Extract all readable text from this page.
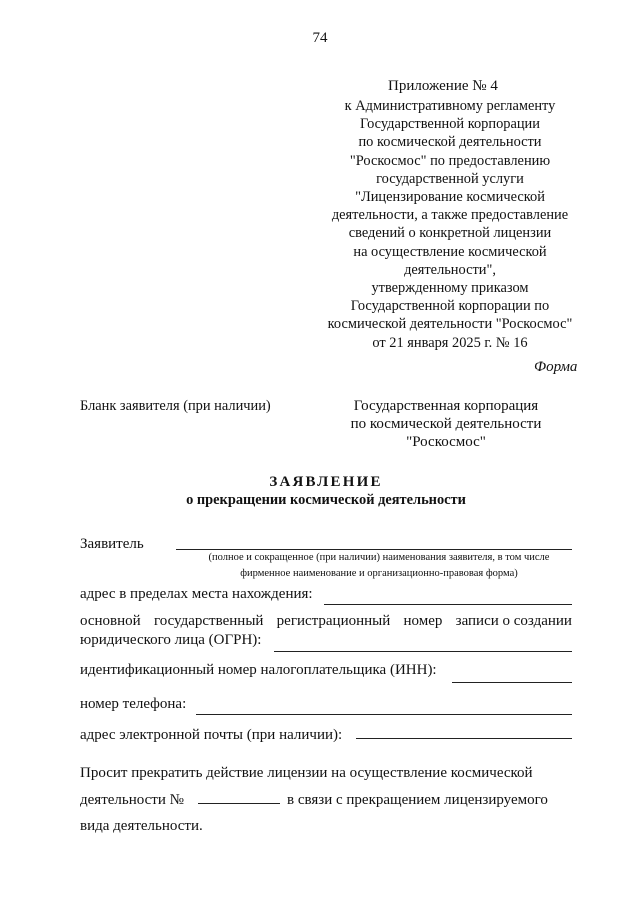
74
Приложение № 4
к Административному регламенту
Государственной корпорации
по космической деятельности
"Роскосмос" по предоставлению
государственной услуги
"Лицензирование космической
деятельности, а также предоставление
сведений о конкретной лицензии
на осуществление космической
деятельности",
утвержденному приказом
Государственной корпорации по
космической деятельности "Роскосмос"
от 21 января 2025 г. № 16
Форма
Бланк заявителя (при наличии)	Государственная корпорация
по космической деятельности
"Роскосмос"
ЗАЯВЛЕНИЕ
о прекращении космической деятельности
Заявитель
(полное и сокращенное (при наличии) наименования заявителя, в том числе
фирменное наименование и организационно-правовая форма)
адрес в пределах места нахождения:
основной государственный регистрационный номер записи о создании
юридического лица (ОГРН):
идентификационный номер налогоплательщика (ИНН):
номер телефона:
адрес электронной почты (при наличии):
Просит прекратить действие лицензии на осуществление космической
деятельности №	в связи с прекращением лицензируемого
вида деятельности.
